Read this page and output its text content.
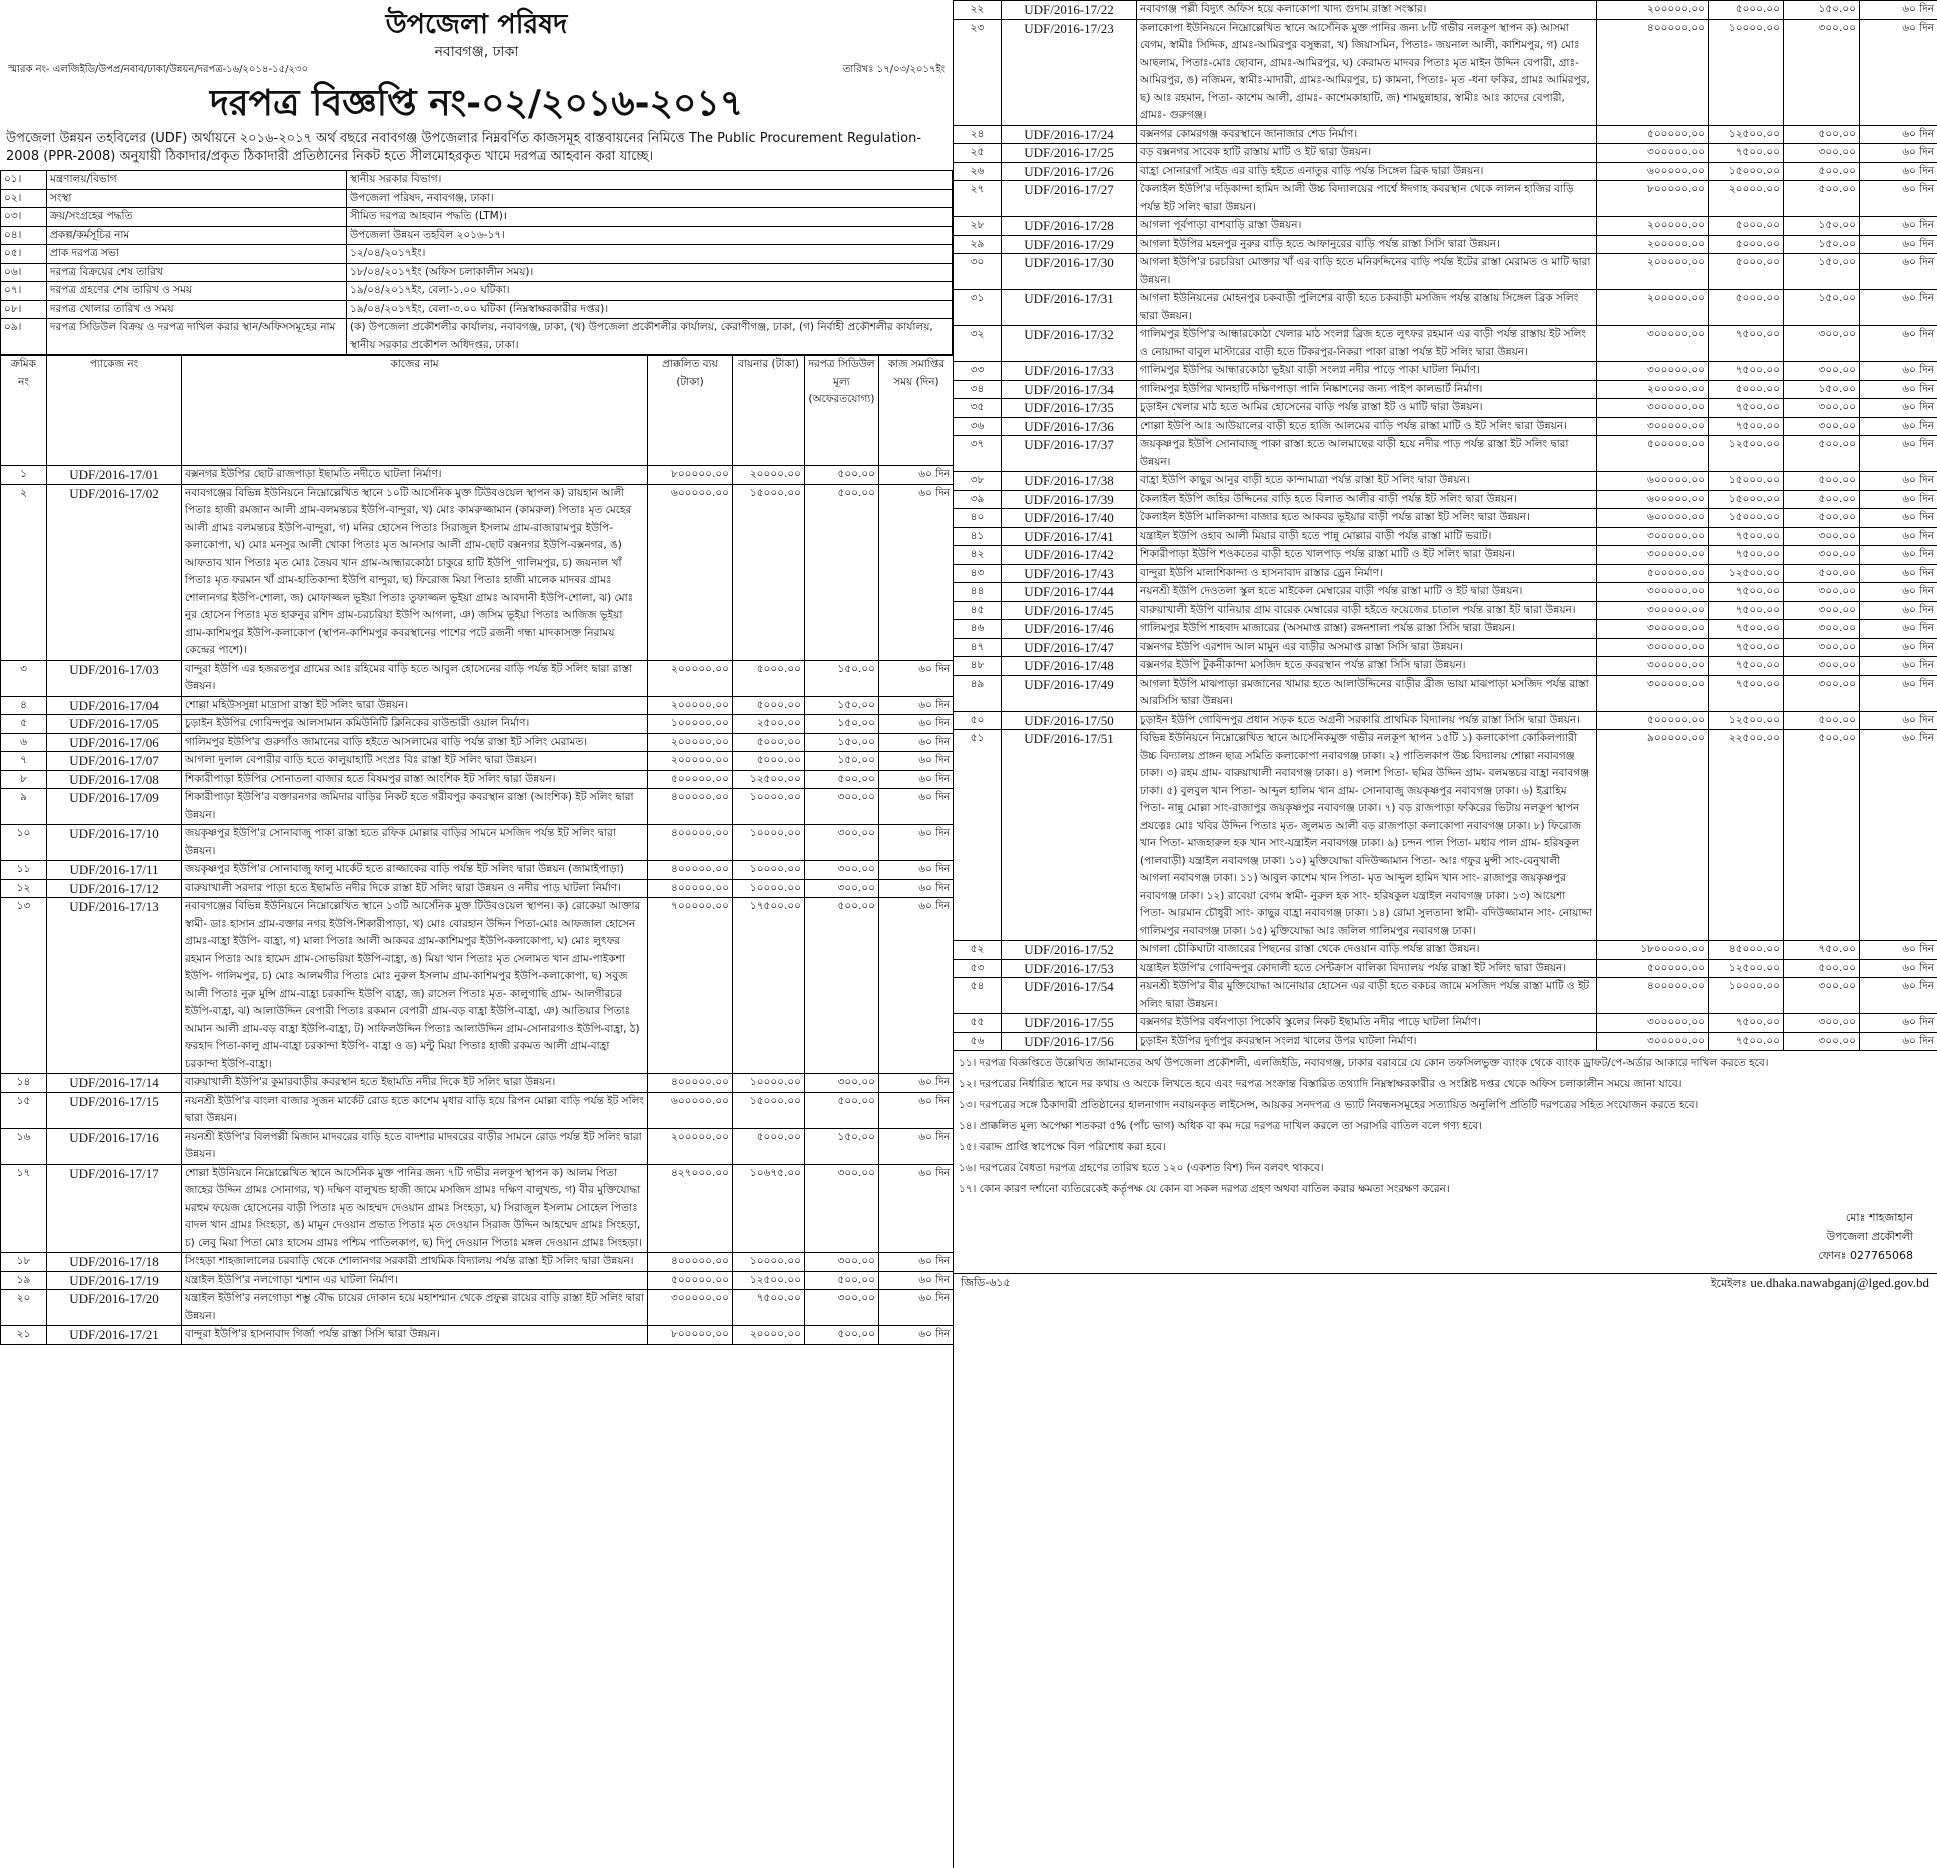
উপজেলা পরিষদ
নবাবগঞ্জ, ঢাকা
স্মারক নং- এলজিইডি/উপপ্র/নবাব/ঢাকা/উন্নয়ন/দরপত্র-১৬/২০১৪-১৫/২৩০	তারিখঃ ১৭/০৩/২০১৭ইং
দরপত্র বিজ্ঞপ্তি নং-০২/২০১৬-২০১৭
উপজেলা উন্নয়ন তহবিলের (UDF) অর্থায়নে ২০১৬-২০১৭ অর্থ বছরে নবাবগঞ্জ উপজেলার নিম্নবর্ণিত কাজসমূহ বাস্তবায়নের নিমিত্তে The Public Procurement Regulation-2008 (PPR-2008) অনুযায়ী ঠিকাদার/প্রকৃত ঠিকাদারী প্রতিষ্ঠানের নিকট হতে সীলমোহরকৃত খামে দরপত্র আহবান করা যাচ্ছে।
০১।	মন্ত্রণালয়/বিভাগ	স্থানীয় সরকার বিভাগ।
০২।	সংস্থা	উপজেলা পরিষদ, নবাবগঞ্জ, ঢাকা।
০৩।	ক্রয়/সংগ্রহের পদ্ধতি	সীমিত দরপত্র আহবান পদ্ধতি (LTM)।
০৪।	প্রকল্প/কর্মসূচির নাম	উপজেলা উন্নয়ন তহবিল ২০১৬-১৭।
০৫।	প্রাক দরপত্র সভা	১২/০৪/২০১৭ইং।
০৬।	দরপত্র বিক্রয়ের শেষ তারিখ	১৮/০৪/২০১৭ইং (অফিস চলাকালীন সময়)।
০৭।	দরপত্র গ্রহণের শেষ তারিখ ও সময়	১৯/০৪/২০১৭ইং, বেলা-১.০০ ঘটিকা।
০৮।	দরপত্র খোলার তারিখ ও সময়	১৯/০৪/২০১৭ইং, বেলা-৩.০০ ঘটিকা (নিম্নস্বাক্ষরকারীর দপ্তর)।
০৯।	দরপত্র সিডিউল বিক্রয় ও দরপত্র দাখিল করার স্থান/অফিসসমূহের নাম	(ক) উপজেলা প্রকৌশলীর কার্যালয়, নবাবগঞ্জ, ঢাকা, (খ) উপজেলা প্রকৌশলীর কার্যালয়, কেরাণীগঞ্জ, ঢাকা, (গ) নির্বাহী প্রকৌশলীর কার্যালয়, স্থানীয় সরকার প্রকৌশল অধিদপ্তর, ঢাকা।
ক্রমিক নং	প্যাকেজ নং	কাজের নাম	প্রাক্কলিত ব্যয় (টাকা)	বায়নার (টাকা)	দরপত্র সিডিউল মূল্য (অফেরতযোগ্য)	কাজ সমাপ্তির সময় (দিন)
১	UDF/2016-17/01	বক্সনগর ইউপির ছোট রাজপাড়া ইছামতি নদীতে ঘাটলা নির্মাণ।	৮০০০০০.০০	২০০০০.০০	৫০০.০০	৬০ দিন
২	UDF/2016-17/02	নবাবগঞ্জের বিভিন্ন ইউনিয়নে নিম্নোল্লেখিত স্থানে ১০টি আর্সেনিক মুক্ত টিউবওয়েল স্থাপন ক) রায়হান আলী পিতাঃ হাজী রমজান আলী গ্রাম-বলমন্তচর ইউপি-বান্দুরা, খ) মোঃ কামরুজ্জামান (কামরুল) পিতাঃ মৃত মেহের আলী গ্রামঃ বলমন্তচর ইউপি-বান্দুরা, গ) মনির হোসেন পিতাঃ সিরাজুল ইসলাম গ্রাম-রাজারামপুর ইউপি- কলাকোপা, ঘ) মোঃ মনসুর আলী খোকা পিতাঃ মৃত আনসার আলী গ্রাম-ছোট বক্সনগর ইউপি-বক্সনগর, ঙ) আফতাব খান পিতাঃ মৃত মোঃ তৈয়ব খান গ্রাম-আন্ধারকোঠা চাকুরে হাটি ইউপি_গালিমপুর, চ) জয়নাল খাঁ পিতাঃ মৃত ফরমান খাঁ গ্রাম-হাতিকান্দা ইউপি বান্দুরা, ছ) ফিরোজ মিয়া পিতাঃ হাজী মালেক মাদবর গ্রামঃ শোলানগর ইউপি-শোলা, জ) মোফাজ্জল ভূইয়া পিতাঃ তুফাজ্জল ভূইয়া গ্রামঃ আবদানী ইউপি-শোলা, ঝ) মোঃ নুর হোসেন পিতাঃ মৃত হারুনুর রশিদ গ্রাম-চরচরিয়া ইউপি আগলা, ঞ) জসিম ভূইয়া পিতাঃ আজিজ ভূইয়া গ্রাম-কাশিমপুর ইউপি-কলাকোপ (স্থাপন-কাশিমপুর কবরস্থানের পাশের পটে রজনী গন্ধা মাদকাসক্ত নিরাময় কেন্দ্রের পাশে)।	৬০০০০০.০০	১৫০০০.০০	৫০০.০০	৬০ দিন
৩	UDF/2016-17/03	বান্দুরা ইউপি এর হজরতপুর গ্রামের আঃ রহিমের বাড়ি হতে আবুল হোসেনের বাড়ি পর্যন্ত ইট সলিং দ্বারা রাস্তা উন্নয়ন।	২০০০০০.০০	৫০০০.০০	১৫০.০০	৬০ দিন
৪	UDF/2016-17/04	শোল্লা মহিউসসুন্না মাদ্রাসা রাস্তা ইট সলিং দ্বারা উন্নয়ন।	২০০০০০.০০	৫০০০.০০	১৫০.০০	৬০ দিন
৫	UDF/2016-17/05	চুড়াইন ইউপির গোবিন্দপুর আলসামান কমিউনিটি ক্লিনিকের বাউন্ডারী ওয়াল নির্মাণ।	১০০০০০.০০	২৫০০.০০	১৫০.০০	৬০ দিন
৬	UDF/2016-17/06	গালিমপুর ইউপি'র গুরুগাঁও জামানের বাড়ি হইতে আসলামের বাড়ি পর্যন্ত রাস্তা ইট সলিং মেরামত।	২০০০০০.০০	৫০০০.০০	১৫০.০০	৬০ দিন
৭	UDF/2016-17/07	আগলা দুলাল বেপারীর বাড়ি হতে কালুয়াহাটি সংপ্রঃ বিঃ রাস্তা ইট সলিং দ্বারা উন্নয়ন।	২০০০০০.০০	৫০০০.০০	১৫০.০০	৬০ দিন
৮	UDF/2016-17/08	শিকারীপাড়া ইউপির সোনাতলা বাজার হতে বিষমপুর রাস্তা আংশিক ইট সলিং দ্বারা উন্নয়ন।	৫০০০০০.০০	১২৫০০.০০	৫০০.০০	৬০ দিন
৯	UDF/2016-17/09	শিকারীপাড়া ইউপি'র বক্তারনগর জমিদার বাড়ির নিকট হতে গরীবপুর কবরস্থান রাস্তা (আংশিক) ইট সলিং দ্বারা উন্নয়ন।	৪০০০০০.০০	১০০০০.০০	৩০০.০০	৬০ দিন
১০	UDF/2016-17/10	জয়কৃষ্ণপুর ইউপি'র সোনাবাজু পাকা রাস্তা হতে রফিক মোল্লার বাড়ির সামনে মসজিদ পর্যন্ত ইট সলিং দ্বারা উন্নয়ন।	৪০০০০০.০০	১০০০০.০০	৩০০.০০	৬০ দিন
১১	UDF/2016-17/11	জয়কৃষ্ণপুর ইউপি'র সোনাবাজু ফালু মার্কেট হতে রাজ্জাকের বাড়ি পর্যন্ত ইট সলিং দ্বারা উন্নয়ন (জামাইপাড়া)	৪০০০০০.০০	১০০০০.০০	৩০০.০০	৬০ দিন
১২	UDF/2016-17/12	বারুয়াখালী সরদার পাড়া হতে ইছামতি নদীর দিকে রাস্তা ইট সলিং দ্বারা উন্নয়ন ও নদীর পাড় ঘাটলা নির্মাণ।	৪০০০০০.০০	১০০০০.০০	৩০০.০০	৬০ দিন
১৩	UDF/2016-17/13	নবাবগঞ্জের বিভিন্ন ইউনিয়নে নিম্নোল্লেখিত স্থানে ১৩টি আর্সেনিক মুক্ত টিউবওয়েল স্থাপন। ক) রোকেয়া আক্তার স্বামী- ডাঃ হাসান গ্রাম-বক্তার নগর ইউপি-শিকারীপাড়া, খ) মোঃ বোরহান উদ্দিন পিতা-মোঃ আফজাল হোসেন গ্রামঃ-বাহ্রা ইউপি- বাহ্রা, গ) মালা পিতাঃ আলী আকবর গ্রাম-কাশিমপুর ইউপি-কলাকোপা, ঘ) মোঃ লুৎফর রহমান পিতাঃ আঃ হামেদ গ্রাম-সোভরিয়া ইউপি-বাহ্রা, ঙ) মিয়া খান পিতাঃ মৃত সেলামত খান গ্রাম-পাইকশা ইউপি- গালিমপুর, চ) মোঃ আলমগীর পিতাঃ মোঃ নুরুল ইসলাম গ্রাম-কাশিমপুর ইউপি-কলাকোপা, ছ) সবুজ আলী পিতাঃ নুরু মুন্সি গ্রাম-বাহ্রা চরকান্দি ইউপি বাহ্রা, জ) রাসেল পিতাঃ মৃত- কালুগাছি গ্রাম- আলগীরচর ইউপি-বাহ্রা, ঝ) আলাউদ্দিন বেপারী পিতাঃ রকমান বেপারী গ্রাম-বড় বাহ্রা ইউপি-বাহ্রা, ঞ) আতিয়ার পিতাঃ আমান আলী গ্রাম-বড় বাহ্রা ইউপি-বাহ্রা, ট) সাফিলউদ্দিন পিতাঃ আলাউদ্দিন গ্রাম-সোনারগাও ইউপি-বাহ্রা, ঠ) ফরহাদ পিতা-কালু গ্রাম-বাহ্রা চরকান্দা ইউপি- বাহ্রা ও ড) মন্টু মিয়া পিতাঃ হাজী রকমত আলী গ্রাম-বাহ্রা চরকান্দা ইউপি-বাহ্রা।	৭০০০০০.০০	১৭৫০০.০০	৫০০.০০	৬০ দিন
১৪	UDF/2016-17/14	বারুয়াখালী ইউপি'র কুমারবাড়ীর কবরস্থান হতে ইছামতি নদীর দিকে ইট সলিং দ্বারা উন্নয়ন।	৪০০০০০.০০	১০০০০.০০	৩০০.০০	৬০ দিন
১৫	UDF/2016-17/15	নয়নশ্রী ইউপি'র বাংলা বাজার সুজন মার্কেট রোড হতে কাশেম মৃধার বাড়ি হয়ে রিপন মোল্লা বাড়ি পর্যন্ত ইট সলিং দ্বারা উন্নয়ন।	৬০০০০০.০০	১৫০০০.০০	৫০০.০০	৬০ দিন
১৬	UDF/2016-17/16	নয়নশ্রী ইউপি'র বিলপল্লী মিজান মাদবরের বাড়ি হতে বাদশার মাদবরের বাড়ীর সামনে রোড পর্যন্ত ইট সলিং দ্বারা উন্নয়ন।	২০০০০০.০০	৫০০০.০০	১৫০.০০	৬০ দিন
১৭	UDF/2016-17/17	শোল্লা ইউনিয়নে নিম্নোল্লেখিত স্থানে আর্সেনিক মুক্ত পানির জন্য ৭টি গভীর নলকূপ স্থাপন ক) আলম পিতা জাহের উদ্দিন গ্রামঃ সোনাগর, খ) দক্ষিণ বালুখন্ড হাজী জামে মসজিদ গ্রামঃ দক্ষিণ বালুখন্ড, গ) বীর মুক্তিযোদ্ধা মরহুম ফয়েজ হোসেনের বাড়ী পিতাঃ মৃত আহম্মদ দেওয়ান গ্রামঃ সিংহড়া, ঘ) সিরাজুল ইসলাম সোহেল পিতাঃ বাদল খান গ্রামঃ সিংহড়া, ঙ) মামুন দেওয়ান প্রভাত পিতাঃ মৃত দেওয়ান সিরাজ উদ্দিন আহম্মেদ গ্রামঃ সিংহড়া, চ) লেবু মিয়া পিতা মোঃ হাসেম গ্রামঃ পশ্চিম পাতিলকাপ, ছ) দিপু দেওয়ান পিতাঃ মঙ্গল দেওয়ান গ্রামঃ সিংহড়া।	৪২৭০০০.০০	১০৬৭৫.০০	৩০০.০০	৬০ দিন
১৮	UDF/2016-17/18	সিংহড়া শাহজালালের চরবাড়ি থেকে শোলানগর সরকারী প্রাথমিক বিদ্যালয় পর্যন্ত রাস্তা ইট সলিং দ্বারা উন্নয়ন।	৪০০০০০.০০	১০০০০.০০	৩০০.০০	৬০ দিন
১৯	UDF/2016-17/19	যন্ত্রাইল ইউপি'র নলগোড়া শ্মশান এর ঘাটলা নির্মাণ।	৫০০০০০.০০	১২৫০০.০০	৫০০.০০	৬০ দিন
২০	UDF/2016-17/20	যন্ত্রাইল ইউপি'র নলগোড়া শম্ভু বৌদ্ধ চায়ের দোকান হয়ে মহাশশ্মান থেকে প্রফুল্ল রায়ের বাড়ি রাস্তা ইট সলিং দ্বারা উন্নয়ন।	৩০০০০০.০০	৭৫০০.০০	৩০০.০০	৬০ দিন
২১	UDF/2016-17/21	বান্দুরা ইউপি'র হাসনাবাদ গির্জা পর্যন্ত রাস্তা সিসি দ্বারা উন্নয়ন।	৮০০০০০.০০	২০০০০.০০	৫০০.০০	৬০ দিন
২২	UDF/2016-17/22	নবাবগঞ্জ পল্লী বিদ্যুৎ অফিস হয়ে কলাকোপা খাদ্য গুদাম রাস্তা সংস্কার।	২০০০০০.০০	৫০০০.০০	১৫০.০০	৬০ দিন
২৩	UDF/2016-17/23	কলাকোপা ইউনিয়নে নিম্নোল্লেখিত স্থানে আর্সেনিক মুক্ত পানির জন্য ৮টি গভীর নলকূপ স্থাপন ক) আসমা বেগম, স্বামীঃ সিদ্দিক, গ্রামঃ-আমিরপুর বসুন্ধরা, খ) জিয়াসমিন, পিতাঃ- জয়নাল আলী, কাশিমপুর, গ) মোঃ আছলাম, পিতাঃ-মোঃ ছোবান, গ্রামঃ-আমিরপুর, ঘ) কেরামত মাদবর পিতাঃ মৃত মাইন উদ্দিন বেপারী, গ্রাঃ-আমিরপুর, ঙ) নজিমন, স্বামীঃ-মাদারী, গ্রামঃ-আমিরপুর, চ) কামনা, পিতাঃ- মৃত -ধনা ফকির, গ্রামঃ আমিরপুর, ছ) আঃ রহমান, পিতা- কাশেম আলী, গ্রামঃ- কাশেমকাহাটি, জ) শামছুন্নাহার, স্বামীঃ আঃ কাদের বেপারী, গ্রামঃ- গুরুগঞ্জ।	৪০০০০০.০০	১০০০০.০০	৩০০.০০	৬০ দিন
২৪	UDF/2016-17/24	বক্সনগর কোমরগঞ্জ কবরস্থানে জানাজার শেড নির্মাণ।	৫০০০০০.০০	১২৫০০.০০	৫০০.০০	৬০ দিন
২৫	UDF/2016-17/25	বড় বক্সনগর সাবেক হাটি রাস্তায় মাটি ও ইট দ্বারা উন্নয়ন।	৩০০০০০.০০	৭৫০০.০০	৩০০.০০	৬০ দিন
২৬	UDF/2016-17/26	বাহ্রা সোনারগাঁ সাইড এর বাড়ি হইতে এনাতুর বাড়ি পর্যন্ত সিঙ্গেল ব্রিক দ্বারা উন্নয়ন।	৬০০০০০.০০	১৫০০০.০০	৫০০.০০	৬০ দিন
২৭	UDF/2016-17/27	কৈলাইল ইউপি'র দড়িকান্দা হামিদ আলী উচ্চ বিদ্যালয়ের পার্শ্বে ঈদগাহ কবরস্থান থেকে লালন হাজির বাড়ি পর্যন্ত ইট সলিং দ্বারা উন্নয়ন।	৮০০০০০.০০	২০০০০.০০	৫০০.০০	৬০ দিন
২৮	UDF/2016-17/28	আগলা পূর্বপাড়া বাশবাড়ি রাস্তা উন্নয়ন।	২০০০০০.০০	৫০০০.০০	১৫০.০০	৬০ দিন
২৯	UDF/2016-17/29	আগলা ইউপির মহনপুর নুরুর বাড়ি হতে আফানুরের বাড়ি পর্যন্ত রাস্তা সিসি দ্বারা উন্নয়ন।	২০০০০০.০০	৫০০০.০০	১৫০.০০	৬০ দিন
৩০	UDF/2016-17/30	আগলা ইউপি'র চরচরিয়া মোক্তার খাঁ এর বাড়ি হতে মনিরুদ্দিনের বাড়ি পর্যন্ত ইটের রাস্তা মেরামত ও মাটি দ্বারা উন্নয়ন।	২০০০০০.০০	৫০০০.০০	১৫০.০০	৬০ দিন
৩১	UDF/2016-17/31	আগলা ইউনিয়নের মোহনপুর চকবাড়ী পুলিশের বাড়ী হতে চকবাড়ী মসজিদ পর্যন্ত রাস্তায় সিঙ্গেল ব্রিক সলিং দ্বারা উন্নয়ন।	২০০০০০.০০	৫০০০.০০	১৫০.০০	৬০ দিন
৩২	UDF/2016-17/32	গালিমপুর ইউপি'র আন্ধারকোঠা খেলার মাঠ সংলগ্ন ব্রিজ হতে লুৎফর রহমান এর বাড়ী পর্যন্ত রাস্তায় ইট সলিং ও নোয়াদ্দা বাবুল মাস্টারের বাড়ী হতে টিকরপুর-নিকরা পাকা রাস্তা পর্যন্ত ইট সলিং দ্বারা উন্নয়ন।	৩০০০০০.০০	৭৫০০.০০	৩০০.০০	৬০ দিন
৩৩	UDF/2016-17/33	গালিমপুর ইউপির আন্ধারকোঠা ভূইয়া বাড়ী সংলগ্ন নদীর পাড়ে পাকা ঘাটলা নির্মাণ।	৩০০০০০.০০	৭৫০০.০০	৩০০.০০	৬০ দিন
৩৪	UDF/2016-17/34	গালিমপুর ইউপির খানহাটি দক্ষিণপাড়া পানি নিষ্কাশনের জন্য পাইপ কালভার্ট নির্মাণ।	২০০০০০.০০	৫০০০.০০	১৫০.০০	৬০ দিন
৩৫	UDF/2016-17/35	চুড়াইন খেলার মাঠ হতে আমির হোসেনের বাড়ি পর্যন্ত রাস্তা ইট ও মাটি দ্বারা উন্নয়ন।	৩০০০০০.০০	৭৫০০.০০	৩০০.০০	৬০ দিন
৩৬	UDF/2016-17/36	শোল্লা ইউপি আঃ আউয়ালের বাড়ী হতে হাজি আলমের বাড়ি পর্যন্ত রাস্তা মাটি ও ইট সলিং দ্বারা উন্নয়ন।	৩০০০০০.০০	৭৫০০.০০	৩০০.০০	৬০ দিন
৩৭	UDF/2016-17/37	জয়কৃষ্ণপুর ইউপি সোনাবাজু পাকা রাস্তা হতে আলমাছের বাড়ী হয়ে নদীর পাড় পর্যন্ত রাস্তা ইট সলিং দ্বারা উন্নয়ন।	৫০০০০০.০০	১২৫০০.০০	৫০০.০০	৬০ দিন
৩৮	UDF/2016-17/38	বাহ্রা ইউপি কাছুর আনুর বাড়ী হতে কান্দামাত্রা পর্যন্ত রাস্তা ইট সলিং দ্বারা উন্নয়ন।	৬০০০০০.০০	১৫০০০.০০	৫০০.০০	৬০ দিন
৩৯	UDF/2016-17/39	কৈলাইল ইউপি জহির উদ্দিনের বাড়ি হতে বিলাত আলীর বাড়ী পর্যন্ত ইট সলিং দ্বারা উন্নয়ন।	৬০০০০০.০০	১৫০০০.০০	৫০০.০০	৬০ দিন
৪০	UDF/2016-17/40	কৈলাইল ইউপি মালিকান্দা বাজার হতে আকবর ভূইয়ার বাড়ী পর্যন্ত রাস্তা ইট সলিং দ্বারা উন্নয়ন।	৬০০০০০.০০	১৫০০০.০০	৫০০.০০	৬০ দিন
৪১	UDF/2016-17/41	যন্ত্রাইল ইউপি ওহাব আলী মিয়ার বাড়ী হতে পান্নু মোল্লার বাড়ী পর্যন্ত রাস্তা মাটি ভরাট।	৩০০০০০.০০	৭৫০০.০০	৩০০.০০	৬০ দিন
৪২	UDF/2016-17/42	শিকারীপাড়া ইউপি শওকতের বাড়ী হতে খালপাড় পর্যন্ত রাস্তা মাটি ও ইট সলিং দ্বারা উন্নয়ন।	৩০০০০০.০০	৭৫০০.০০	৩০০.০০	৬০ দিন
৪৩	UDF/2016-17/43	বান্দুরা ইউপি মালাশিকান্দা ও হাসনাবাদ রাস্তার ড্রেন নির্মাণ।	৫০০০০০.০০	১২৫০০.০০	৫০০.০০	৬০ দিন
৪৪	UDF/2016-17/44	নয়নশ্রী ইউপি দেওতলা স্কুল হতে মাইকেল মেম্বারের বাড়ী পর্যন্ত রাস্তা মাটি ও ইট দ্বারা উন্নয়ন।	৩০০০০০.০০	৭৫০০.০০	৩০০.০০	৬০ দিন
৪৫	UDF/2016-17/45	বারুয়াখালী ইউপি বানিয়ার গ্রাম বারেক মেম্বারের বাড়ী হইতে ফয়েজের চাতাল পর্যন্ত রাস্তা ইট দ্বারা উন্নয়ন।	৩০০০০০.০০	৭৫০০.০০	৩০০.০০	৬০ দিন
৪৬	UDF/2016-17/46	গালিমপুর ইউপি শাহবাদ মাজারের (অসমাপ্ত রাস্তা) রঙ্গনশালা পর্যন্ত রাস্তা সিসি দ্বারা উন্নয়ন।	৩০০০০০.০০	৭৫০০.০০	৩০০.০০	৬০ দিন
৪৭	UDF/2016-17/47	বক্সনগর ইউপি এরশাদ আল মামুন এর বাড়ীর অসমাপ্ত রাস্তা সিসি দ্বারা উন্নয়ন।	৩০০০০০.০০	৭৫০০.০০	৩০০.০০	৬০ দিন
৪৮	UDF/2016-17/48	বক্সনগর ইউপি টুকনীকান্দা মসজিদ হতে কবরস্থান পর্যন্ত রাস্তা সিসি দ্বারা উন্নয়ন।	৩০০০০০.০০	৭৫০০.০০	৩০০.০০	৬০ দিন
৪৯	UDF/2016-17/49	আগলা ইউপি মাঝপাড়া রমজানের খামার হতে আলাউদ্দিনের বাড়ীর ব্রীজ ভায়া মাঝপাড়া মসজিদ পর্যন্ত রাস্তা আরসিসি দ্বারা উন্নয়ন।	৩০০০০০.০০	৭৫০০.০০	৩০০.০০	৬০ দিন
৫০	UDF/2016-17/50	চুড়াইন ইউপি গোবিন্দপুর প্রধান সড়ক হতে অগ্রনী সরকারি প্রাথমিক বিদ্যালয় পর্যন্ত রাস্তা সিসি দ্বারা উন্নয়ন।	৫০০০০০.০০	১২৫০০.০০	৫০০.০০	৬০ দিন
৫১	UDF/2016-17/51	বিভিন্ন ইউনিয়নে নিম্নোল্লেখিত স্থানে আর্সেনিকমুক্ত গভীর নলকূপ স্থাপন ১৫টি ১) কলাকোপা কোকিলপ্যারী উচ্চ বিদ্যালয় প্রাঙ্গন ছাত্র সমিতি কলাকোপা নবাবগঞ্জ ঢাকা। ২) পাতিলকাপ উচ্চ বিদ্যালয় শোল্লা নবাবগঞ্জ ঢাকা। ৩) রহম গ্রাম- বারুয়াখালী নবাবগঞ্জ ঢাকা। ৪) পলাশ পিতা- ছমির উদ্দিন গ্রাম- বলমন্তচর বাহ্রা নবাবগঞ্জ ঢাকা। ৫) বুলবুল খান পিতা- আব্দুল হালিম খান গ্রাম- সোনাবাজু জয়কৃষ্ণপুর নবাবগঞ্জ ঢাকা। ৬) ইব্রাহিম পিতা- নান্নু মোল্লা সাং-রাজাপুর জয়কৃষ্ণপুর নবাবগঞ্জ ঢাকা। ৭) বড় রাজপাড়া ফকিরের ভিটায় নলকূপ স্থাপন প্রযত্নেঃ মোঃ খবির উদ্দিন পিতাঃ মৃত- জুলমত আলী বড় রাজপাড়া কলাকোপা নবাবগঞ্জ ঢাকা। ৮) ফিরোজ খান পিতা- মাজহারুল হক খান সাং-যন্ত্রাইল নবাবগঞ্জ ঢাকা। ৯) চন্দন পাল পিতা- মধাব পাল গ্রাম- হরিষকুল (পালবাড়ী) যন্ত্রাইল নবাবগঞ্জ ঢাকা। ১০) মুক্তিযোদ্ধা বদিউজ্জামান পিতা- আঃ গফুর মুন্সী সাং-বেনুখালী আগলা নবাবগঞ্জ ঢাকা। ১১) আবুল কাশেম খান পিতা- মৃত আব্দুল হামিদ খান সাং- রাজাপুর জয়কৃষ্ণপুর নবাবগঞ্জ ঢাকা। ১২) রাবেয়া বেগম স্বামী- নুরুল হক সাং- হরিষকুল যন্ত্রাইল নবাবগঞ্জ ঢাকা। ১৩) আয়েশা পিতা- আরমান চৌধুরী সাং- কাছুর বাহ্রা নবাবগঞ্জ ঢাকা। ১৪) রোমা সুলতানা স্বামী- বদিউজ্জামান সাং- নোয়াদ্দা গালিমপুর নবাবগঞ্জ ঢাকা। ১৫) মুক্তিযোদ্ধা আঃ জলিল গালিমপুর নবাবগঞ্জ ঢাকা।	৯০০০০০.০০	২২৫০০.০০	৫০০.০০	৬০ দিন
৫২	UDF/2016-17/52	আগলা চৌকিঘাটা বাজারের পিছনের রাস্তা থেকে দেওয়ান বাড়ি পর্যন্ত রাস্তা উন্নয়ন।	১৮০০০০০.০০	৪৫০০০.০০	৭৫০.০০	৬০ দিন
৫৩	UDF/2016-17/53	যন্ত্রাইল ইউপি'র গোবিন্দপুর কোদালী হতে সেন্টক্রাস বালিকা বিদ্যালয় পর্যন্ত রাস্তা ইট সলিং দ্বারা উন্নয়ন।	৫০০০০০.০০	১২৫০০.০০	৫০০.০০	৬০ দিন
৫৪	UDF/2016-17/54	নয়নশ্রী ইউপি'র বীর মুক্তিযোদ্ধা আনোয়ার হোসেন এর বাড়ী হতে বকচর জামে মসজিদ পর্যন্ত রাস্তা মাটি ও ইট সলিং দ্বারা উন্নয়ন।	৪০০০০০.০০	১০০০০.০০	৩০০.০০	৬০ দিন
৫৫	UDF/2016-17/55	বক্সনগর ইউপির বর্ধনপাড়া পিকেবি স্কুলের নিকট ইছামতি নদীর পাড়ে ঘাটলা নির্মাণ।	৩০০০০০.০০	৭৫০০.০০	৩০০.০০	৬০ দিন
৫৬	UDF/2016-17/56	চুড়াইন ইউপির দুর্গাপুর কবরস্থান সংলগ্ন খালের উপর ঘাটলা নির্মাণ।	৩০০০০০.০০	৭৫০০.০০	৩০০.০০	৬০ দিন
১১। দরপত্র বিজ্ঞপ্তিতে উল্লেখিত জামানতের অর্থ উপজেলা প্রকৌশলী, এলজিইডি, নবাবগঞ্জ, ঢাকার বরাবরে যে কোন তফসিলভুক্ত ব্যাংক থেকে ব্যাংক ড্রাফট/পে-অর্ডার আকারে দাখিল করতে হবে।
১২। দরপত্রের নির্ধারিত স্থানে দর কথায় ও অংকে লিখতে হবে এবং দরপত্র সংক্রান্ত বিস্তারিত তথ্যাদি নিম্নস্বাক্ষরকারীর ও সংশ্লিষ্ট দপ্তর থেকে অফিস চলাকালীন সময়ে জানা যাবে।
১৩। দরপত্রের সঙ্গে ঠিকাদারী প্রতিষ্ঠানের হালনাগাদ নবায়নকৃত লাইসেন্স, আয়কর সনদপত্র ও ভ্যাট নিবন্ধনসমূহের সত্যায়িত অনুলিপি প্রতিটি দরপত্রের সহিত সংযোজন করতে হবে।
১৪। প্রাক্কলিত মূল্য অপেক্ষা শতকরা ৫% (পাঁচ ভাগ) অধিক বা কম দরে দরপত্র দাখিল করলে তা সরাসরি বাতিল বলে গণ্য হবে।
১৫। বরাদ্দ প্রাপ্তি স্বাপেক্ষে বিল পরিশোধ করা হবে।
১৬। দরপত্রের বৈধতা দরপত্র গ্রহণের তারিখ হতে ১২০ (একশত বিশ) দিন বলবৎ থাকবে।
১৭। কোন কারণ দর্শানো ব্যতিরেকেই কর্তৃপক্ষ যে কোন বা সকল দরপত্র গ্রহণ অথবা বাতিল করার ক্ষমতা সংরক্ষণ করেন।
মোঃ শাহজাহান
উপজেলা প্রকৌশলী
ফোনঃ 027765068
জিডি-৬১৫	ইমেইলঃ ue.dhaka.nawabganj@lged.gov.bd
